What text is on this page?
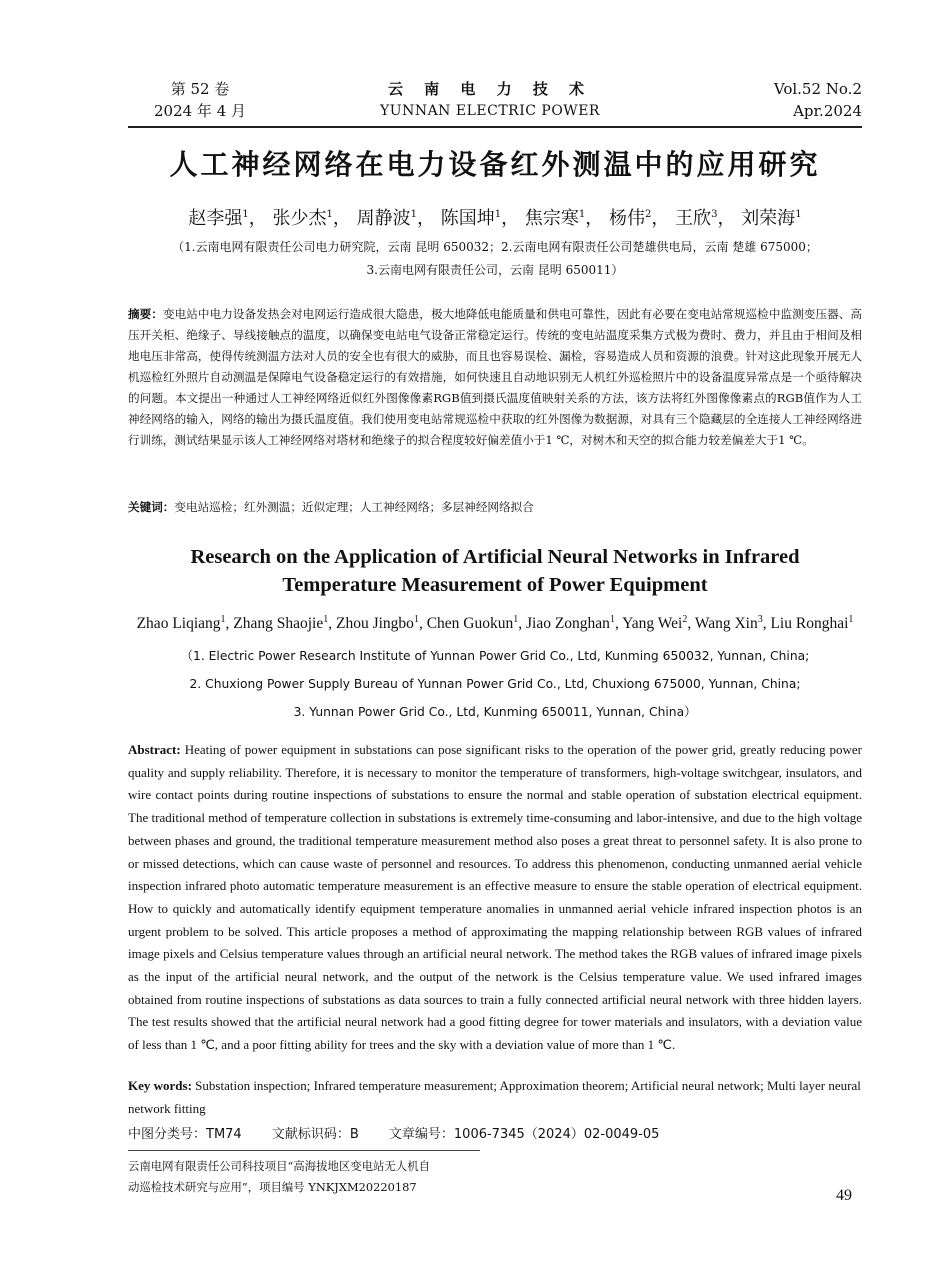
第 52 卷
2024 年 4 月
云 南 电 力 技 术
YUNNAN ELECTRIC POWER
Vol.52 No.2
Apr.2024
人工神经网络在电力设备红外测温中的应用研究
赵李强$^1$， 张少杰$^1$， 周静波$^1$， 陈国坤$^1$， 焦宗寒$^1$， 杨伟$^2$， 王欣$^3$， 刘荣海$^1$
（1.云南电网有限责任公司电力研究院，云南 昆明 650032；2.云南电网有限责任公司楚雄供电局，云南 楚雄 675000；
3.云南电网有限责任公司，云南 昆明 650011）
摘要：变电站中电力设备发热会对电网运行造成很大隐患，极大地降低电能质量和供电可靠性，因此有必要在变电站常规巡检中监测变压器、高压开关柜、绝缘子、导线接触点的温度，以确保变电站电气设备正常稳定运行。传统的变电站温度采集方式极为费时、费力，并且由于相间及相地电压非常高，使得传统测温方法对人员的安全也有很大的威胁，而且也容易误检、漏检，容易造成人员和资源的浪费。针对这此现象开展无人机巡检红外照片自动测温是保障电气设备稳定运行的有效措施，如何快速且自动地识别无人机红外巡检照片中的设备温度异常点是一个亟待解决的问题。本文提出一种通过人工神经网络近似红外图像像素RGB值到摄氏温度值映射关系的方法，该方法将红外图像像素点的RGB值作为人工神经网络的输入，网络的输出为摄氏温度值。我们使用变电站常规巡检中获取的红外图像为数据源，对具有三个隐藏层的全连接人工神经网络进行训练，测试结果显示该人工神经网络对塔材和绝缘子的拟合程度较好偏差值小于1 ℃，对树木和天空的拟合能力较差偏差大于1 ℃。
关键词：变电站巡检；红外测温；近似定理；人工神经网络；多层神经网络拟合
Research on the Application of Artificial Neural Networks in Infrared
Temperature Measurement of Power Equipment
Zhao Liqiang$^1$, Zhang Shaojie$^1$, Zhou Jingbo$^1$, Chen Guokun$^1$, Jiao Zonghan$^1$, Yang Wei$^2$, Wang Xin$^3$, Liu Ronghai$^1$
（1. Electric Power Research Institute of Yunnan Power Grid Co., Ltd, Kunming 650032, Yunnan, China;
2. Chuxiong Power Supply Bureau of Yunnan Power Grid Co., Ltd, Chuxiong 675000, Yunnan, China;
3. Yunnan Power Grid Co., Ltd, Kunming 650011, Yunnan, China）
Abstract: Heating of power equipment in substations can pose significant risks to the operation of the power grid, greatly reducing power quality and supply reliability. Therefore, it is necessary to monitor the temperature of transformers, high-voltage switchgear, insulators, and wire contact points during routine inspections of substations to ensure the normal and stable operation of substation electrical equipment. The traditional method of temperature collection in substations is extremely time-consuming and labor-intensive, and due to the high voltage between phases and ground, the traditional temperature measurement method also poses a great threat to personnel safety. It is also prone to or missed detections, which can cause waste of personnel and resources. To address this phenomenon, conducting unmanned aerial vehicle inspection infrared photo automatic temperature measurement is an effective measure to ensure the stable operation of electrical equipment. How to quickly and automatically identify equipment temperature anomalies in unmanned aerial vehicle infrared inspection photos is an urgent problem to be solved. This article proposes a method of approximating the mapping relationship between RGB values of infrared image pixels and Celsius temperature values through an artificial neural network. The method takes the RGB values of infrared image pixels as the input of the artificial neural network, and the output of the network is the Celsius temperature value. We used infrared images obtained from routine inspections of substations as data sources to train a fully connected artificial neural network with three hidden layers. The test results showed that the artificial neural network had a good fitting degree for tower materials and insulators, with a deviation value of less than 1 ℃, and a poor fitting ability for trees and the sky with a deviation value of more than 1 ℃.
Key words: Substation inspection; Infrared temperature measurement; Approximation theorem; Artificial neural network; Multi layer neural network fitting
中图分类号：TM74 文献标识码：B 文章编号：1006-7345（2024）02-0049-05
云南电网有限责任公司科技项目“高海拔地区变电站无人机自
动巡检技术研究与应用”，项目编号 YNKJXM20220187	49
